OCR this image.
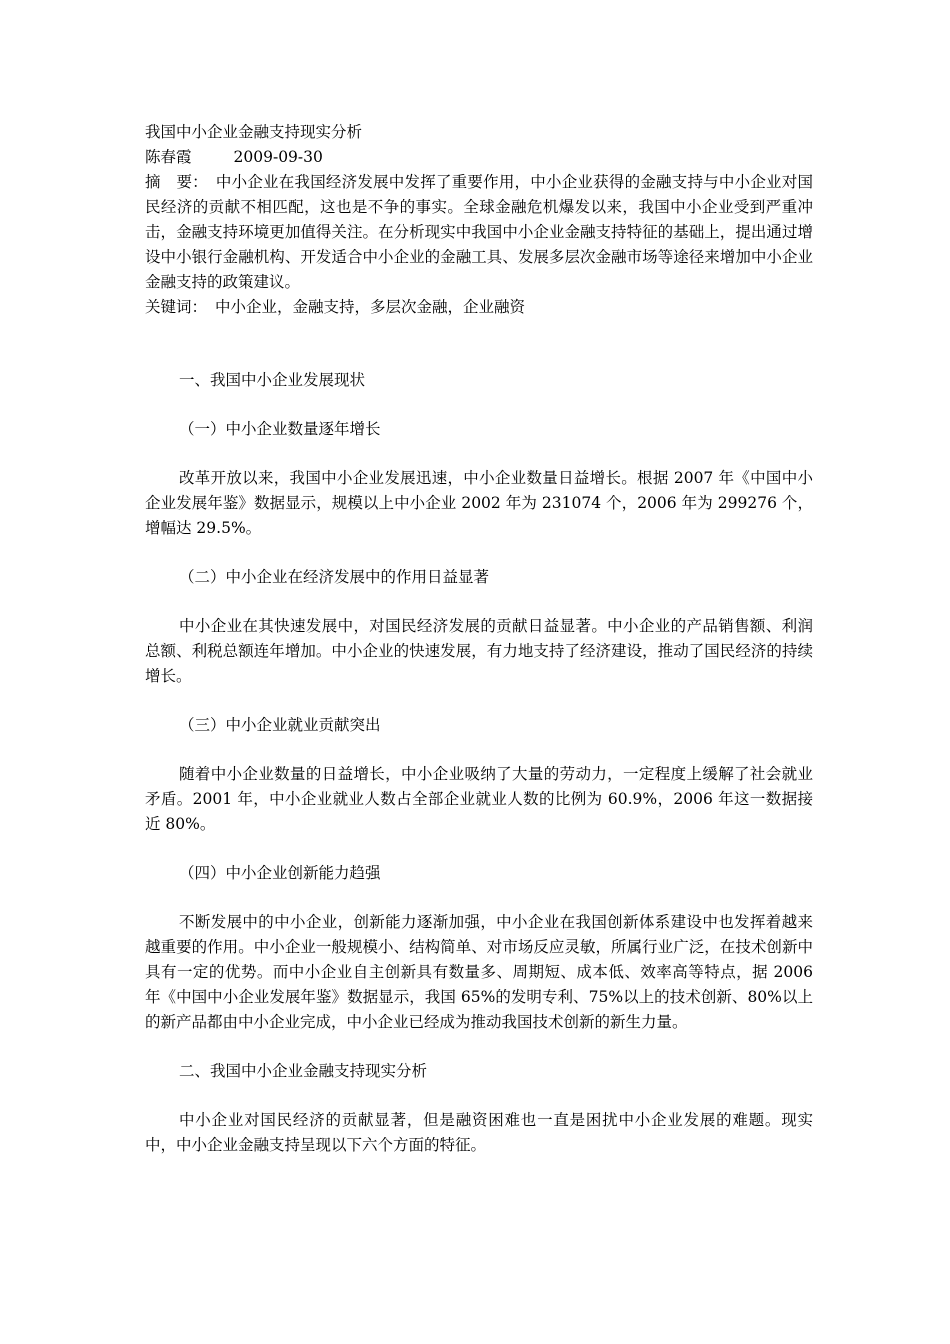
我国中小企业金融支持现实分析
陈春霞	2009-09-30

摘　要： 中小企业在我国经济发展中发挥了重要作用，中小企业获得的金融支持与中小企业对国民经济的贡献不相匹配，这也是不争的事实。全球金融危机爆发以来，我国中小企业受到严重冲击，金融支持环境更加值得关注。在分析现实中我国中小企业金融支持特征的基础上，提出通过增设中小银行金融机构、开发适合中小企业的金融工具、发展多层次金融市场等途径来增加中小企业金融支持的政策建议。

关键词： 中小企业，金融支持，多层次金融，企业融资

一、我国中小企业发展现状

（一）中小企业数量逐年增长

改革开放以来，我国中小企业发展迅速，中小企业数量日益增长。根据 2007 年《中国中小企业发展年鉴》数据显示，规模以上中小企业 2002 年为 231074 个，2006 年为 299276 个，增幅达 29.5%。

（二）中小企业在经济发展中的作用日益显著

中小企业在其快速发展中，对国民经济发展的贡献日益显著。中小企业的产品销售额、利润总额、利税总额连年增加。中小企业的快速发展，有力地支持了经济建设，推动了国民经济的持续增长。

（三）中小企业就业贡献突出

随着中小企业数量的日益增长，中小企业吸纳了大量的劳动力，一定程度上缓解了社会就业矛盾。2001 年，中小企业就业人数占全部企业就业人数的比例为 60.9%，2006 年这一数据接近 80%。

（四）中小企业创新能力趋强

不断发展中的中小企业，创新能力逐渐加强，中小企业在我国创新体系建设中也发挥着越来越重要的作用。中小企业一般规模小、结构简单、对市场反应灵敏，所属行业广泛，在技术创新中具有一定的优势。而中小企业自主创新具有数量多、周期短、成本低、效率高等特点，据 2006 年《中国中小企业发展年鉴》数据显示，我国 65%的发明专利、75%以上的技术创新、80%以上的新产品都由中小企业完成，中小企业已经成为推动我国技术创新的新生力量。

二、我国中小企业金融支持现实分析

中小企业对国民经济的贡献显著，但是融资困难也一直是困扰中小企业发展的难题。现实中，中小企业金融支持呈现以下六个方面的特征。
